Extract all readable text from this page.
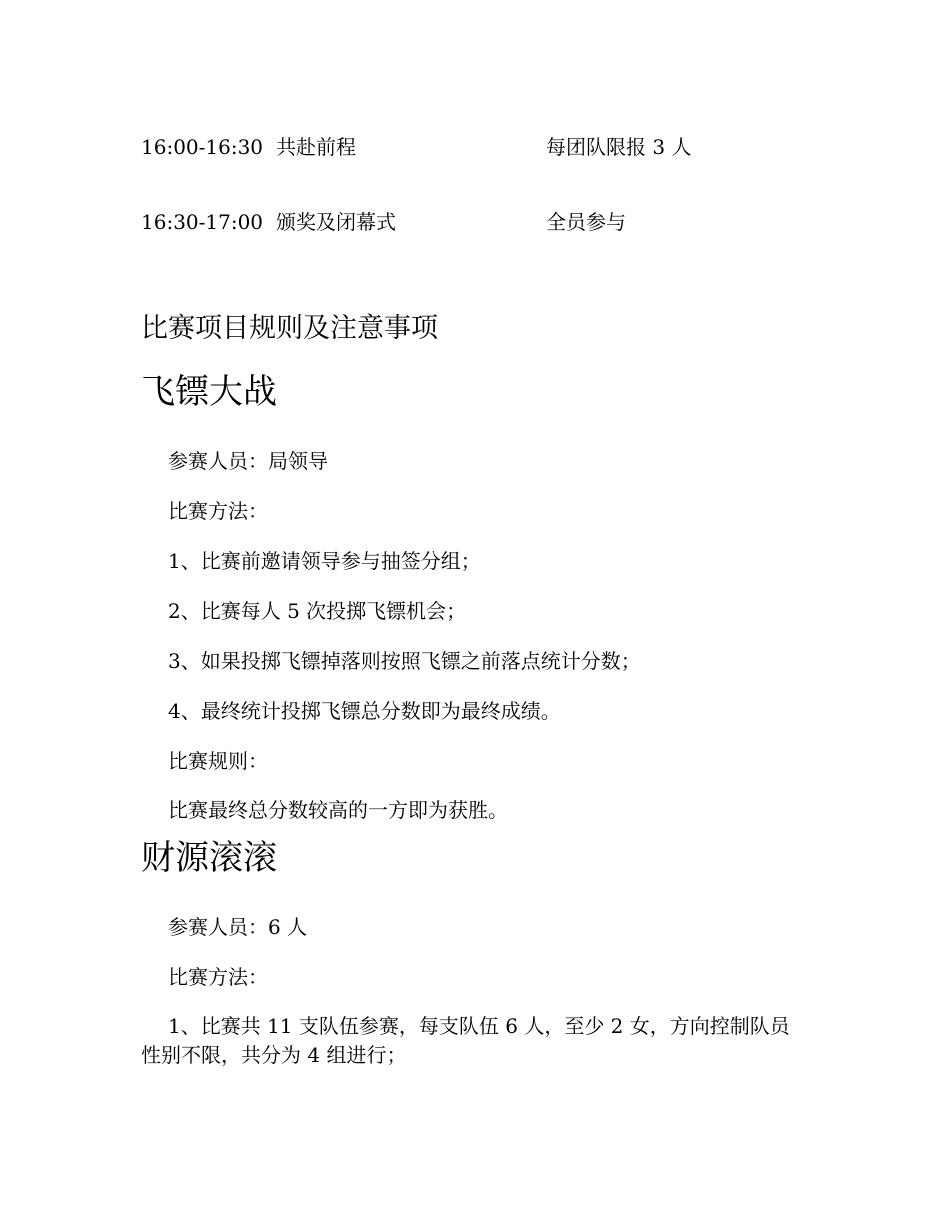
16:00-16:30 共赴前程	每团队限报 3 人
16:30-17:00 颁奖及闭幕式	全员参与
比赛项目规则及注意事项
飞镖大战
参赛人员：局领导
比赛方法：
1、比赛前邀请领导参与抽签分组；
2、比赛每人 5 次投掷飞镖机会；
3、如果投掷飞镖掉落则按照飞镖之前落点统计分数；
4、最终统计投掷飞镖总分数即为最终成绩。
比赛规则：
比赛最终总分数较高的一方即为获胜。
财源滚滚
参赛人员：6 人
比赛方法：
1、比赛共 11 支队伍参赛，每支队伍 6 人，至少 2 女，方向控制队员性别不限，共分为 4 组进行；
